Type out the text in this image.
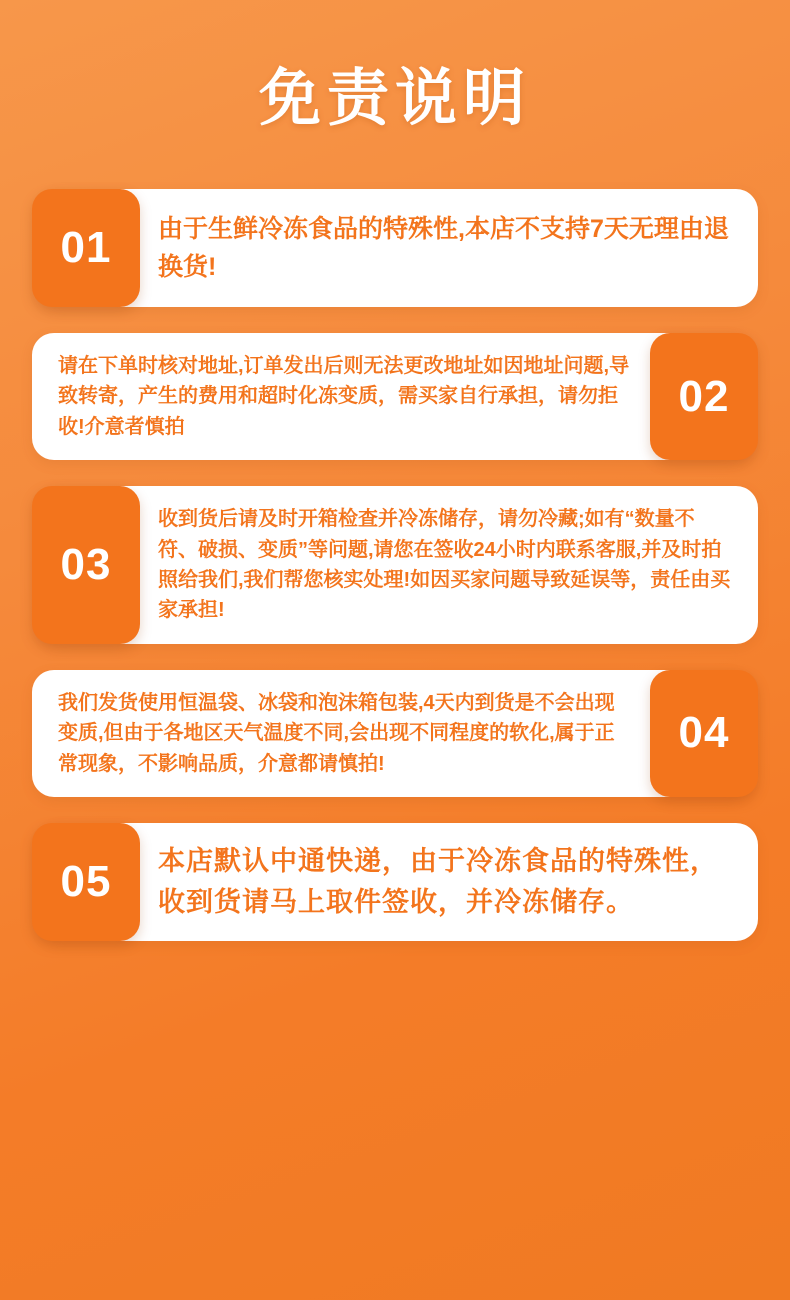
免责说明
01	由于生鲜冷冻食品的特殊性,本店不支持7天无理由退换货!
02
请在下单时核对地址,订单发出后则无法更改地址如因地址问题,导致转寄，产生的费用和超时化冻变质，需买家自行承担，请勿拒收!介意者慎拍
03
收到货后请及时开箱检查并冷冻储存，请勿冷藏;如有“数量不符、破损、变质”等问题,请您在签收24小时内联系客服,并及时拍照给我们,我们帮您核实处理!如因买家问题导致延误等，责任由买家承担!
04
我们发货使用恒温袋、冰袋和泡沫箱包装,4天内到货是不会出现变质,但由于各地区天气温度不同,会出现不同程度的软化,属于正常现象，不影响品质，介意都请慎拍!
05	本店默认中通快递，由于冷冻食品的特殊性，收到货请马上取件签收，并冷冻储存。
